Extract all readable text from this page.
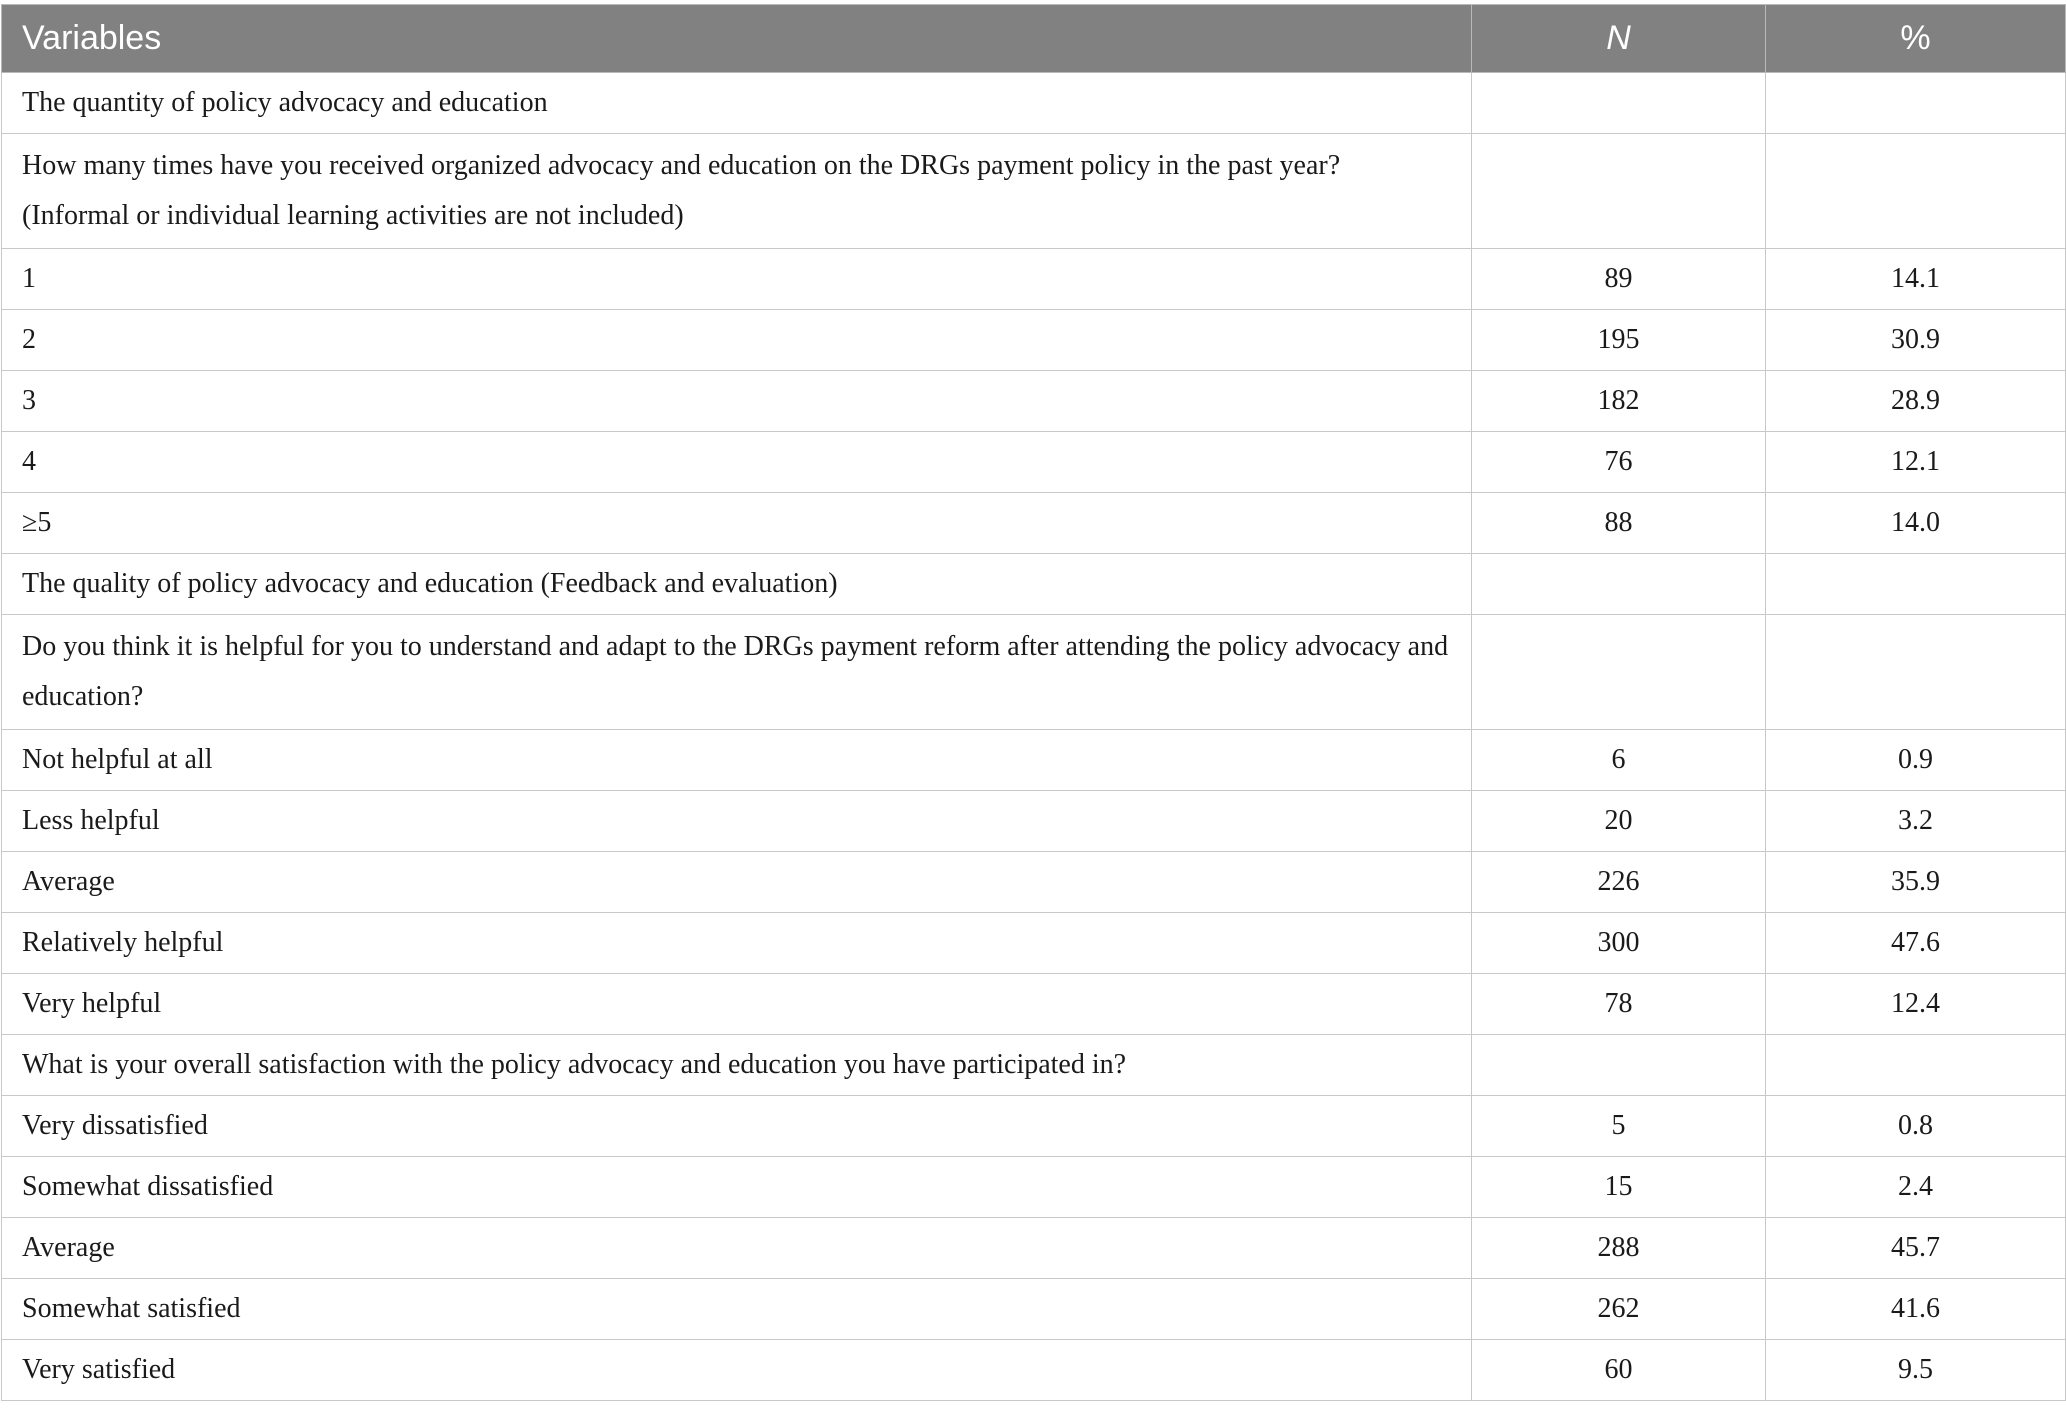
Variables	N	%
The quantity of policy advocacy and education		
How many times have you received organized advocacy and education on the DRGs payment policy in the past year? (Informal or individual learning activities are not included)		
1	89	14.1
2	195	30.9
3	182	28.9
4	76	12.1
≥5	88	14.0
The quality of policy advocacy and education (Feedback and evaluation)		
Do you think it is helpful for you to understand and adapt to the DRGs payment reform after attending the policy advocacy and education?		
Not helpful at all	6	0.9
Less helpful	20	3.2
Average	226	35.9
Relatively helpful	300	47.6
Very helpful	78	12.4
What is your overall satisfaction with the policy advocacy and education you have participated in?		
Very dissatisfied	5	0.8
Somewhat dissatisfied	15	2.4
Average	288	45.7
Somewhat satisfied	262	41.6
Very satisfied	60	9.5
